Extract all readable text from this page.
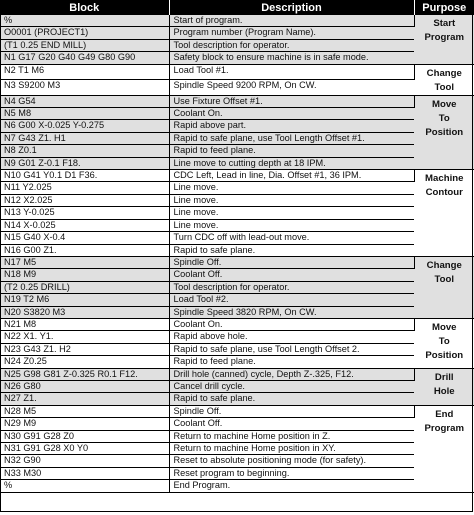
Block	Description	Purpose
%	Start of program.	Start
Program

O0001 (PROJECT1)	Program number (Program Name).	
(T1 0.25 END MILL)	Tool description for operator.	
N1 G17 G20 G40 G49 G80 G90	Safety block to ensure machine is in safe mode.	
N2 T1 M6	Load Tool #1.	Change
Tool

N3 S9200 M3	Spindle Speed 9200 RPM, On CW.	
N4 G54	Use Fixture Offset #1.	Move
To
Position

N5 M8	Coolant On.	
N6 G00 X-0.025 Y-0.275	Rapid above part.	
N7 G43 Z1. H1	Rapid to safe plane, use Tool Length Offset #1.	
N8 Z0.1	Rapid to feed plane.	
N9 G01 Z-0.1 F18.	Line move to cutting depth at 18 IPM.	
N10 G41 Y0.1 D1 F36.	CDC Left, Lead in line, Dia. Offset #1, 36 IPM.	Machine
Contour

N11 Y2.025	Line move.	
N12 X2.025	Line move.	
N13 Y-0.025	Line move.	
N14 X-0.025	Line move.	
N15 G40 X-0.4	Turn CDC off with lead-out move.	
N16 G00 Z1.	Rapid to safe plane.	
N17 M5	Spindle Off.	Change
Tool

N18 M9	Coolant Off.	
(T2 0.25 DRILL)	Tool description for operator.	
N19 T2 M6	Load Tool #2.	
N20 S3820 M3	Spindle Speed 3820 RPM, On CW.	
N21 M8	Coolant On.	Move
To
Position

N22 X1. Y1.	Rapid above hole.	
N23 G43 Z1. H2	Rapid to safe plane, use Tool Length Offset 2.	
N24 Z0.25	Rapid to feed plane.	
N25 G98 G81 Z-0.325 R0.1 F12.	Drill hole (canned) cycle, Depth Z-.325, F12.	Drill
Hole

N26 G80	Cancel drill cycle.	
N27 Z1.	Rapid to safe plane.	
N28 M5	Spindle Off.	End
Program

N29 M9	Coolant Off.	
N30 G91 G28 Z0	Return to machine Home position in Z.	
N31 G91 G28 X0 Y0	Return to machine Home position in XY.	
N32 G90	Reset to absolute positioning mode (for safety).	
N33 M30	Reset program to beginning.	
%	End Program.	
